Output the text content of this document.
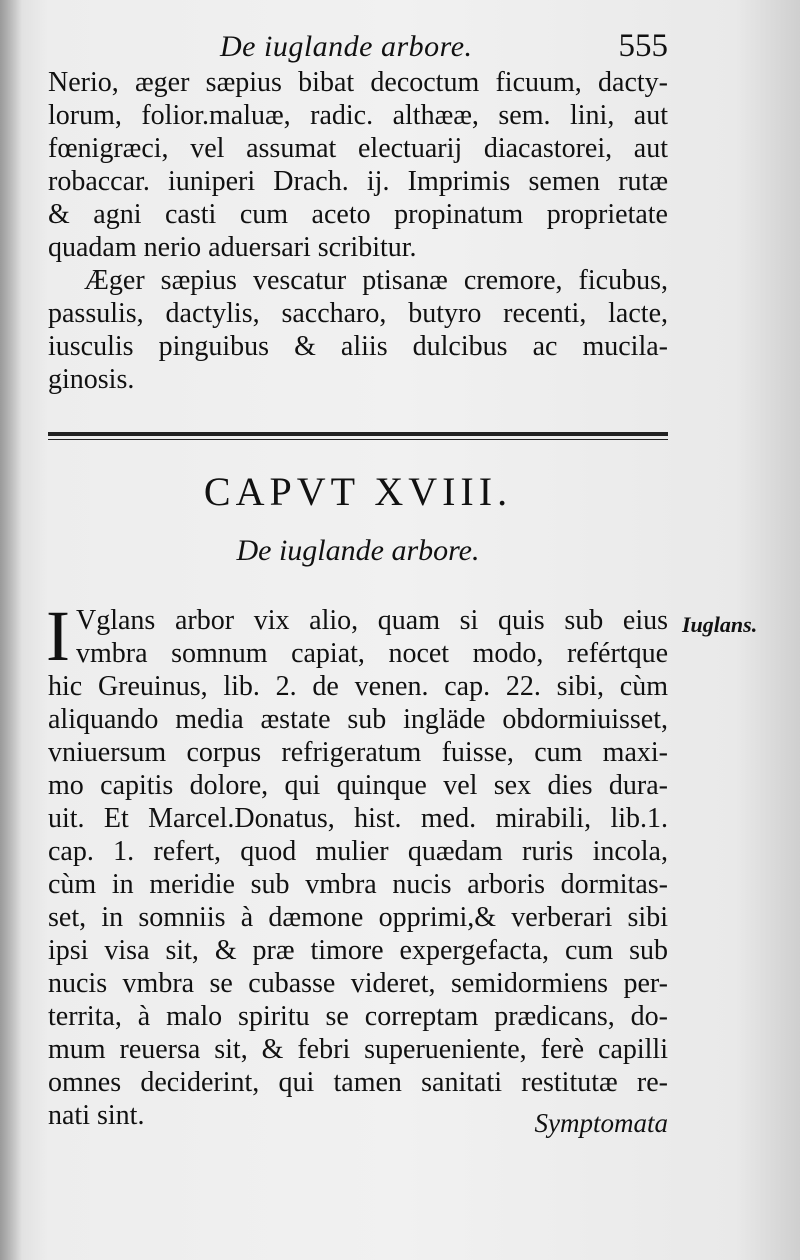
De iuglande arbore.	555
Nerio, æger sæpius bibat decoctum ficuum, dacty-
lorum, folior.maluæ, radic. althææ, sem. lini, aut
fœnigræci, vel assumat electuarij diacastorei, aut
robaccar. iuniperi Drach. ij. Imprimis semen rutæ
& agni casti cum aceto propinatum proprietate
quadam nerio aduersari scribitur.
Æger sæpius vescatur ptisanæ cremore, ficubus,
passulis, dactylis, saccharo, butyro recenti, lacte,
iusculis pinguibus & aliis dulcibus ac mucila-
ginosis.
CAPVT XVIII.
De iuglande arbore.
I Vglans arbor vix alio, quam si quis sub eius
vmbra somnum capiat, nocet modo, refértque
hic Greuinus, lib. 2. de venen. cap. 22. sibi, cùm
aliquando media æstate sub ingläde obdormiuisset,
vniuersum corpus refrigeratum fuisse, cum maxi-
mo capitis dolore, qui quinque vel sex dies dura-
uit. Et Marcel.Donatus, hist. med. mirabili, lib.1.
cap. 1. refert, quod mulier quædam ruris incola,
cùm in meridie sub vmbra nucis arboris dormitas-
set, in somniis à dæmone opprimi,& verberari sibi
ipsi visa sit, & præ timore expergefacta, cum sub
nucis vmbra se cubasse videret, semidormiens per-
territa, à malo spiritu se correptam prædicans, do-
mum reuersa sit, & febri superueniente, ferè capilli
omnes deciderint, qui tamen sanitati restitutæ re-
nati sint.
Iuglans.
Symptomata
